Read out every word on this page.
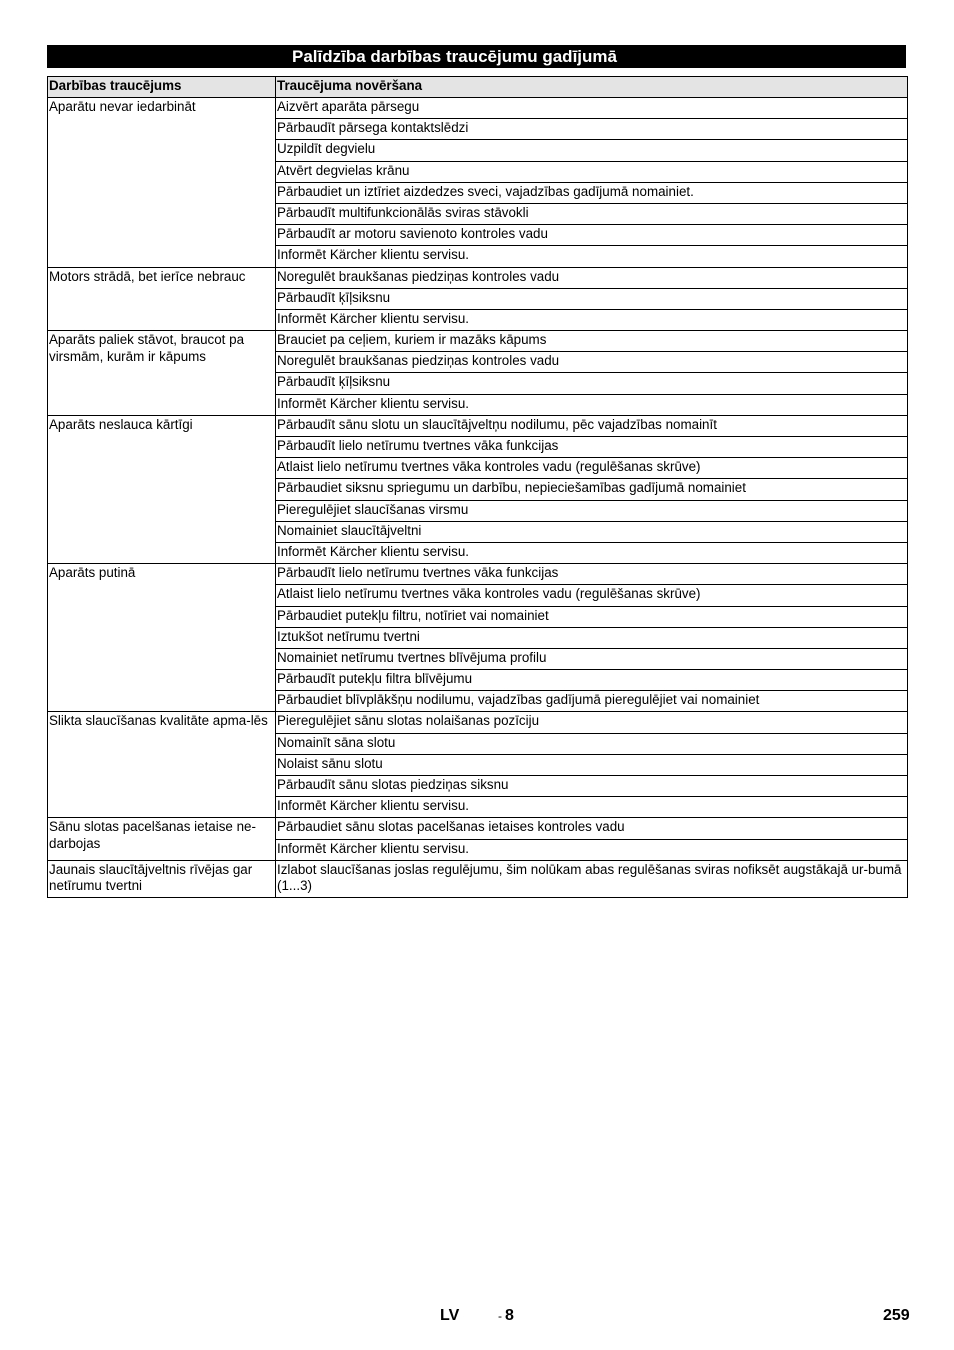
Palīdzība darbības traucējumu gadījumā
Darbības traucējums	Traucējuma novēršana
Aparātu nevar iedarbināt	Aizvērt aparāta pārsegu
	Pārbaudīt pārsega kontaktslēdzi
	Uzpildīt degvielu
	Atvērt degvielas krānu
	Pārbaudiet un iztīriet aizdedzes sveci, vajadzības gadījumā nomainiet.
	Pārbaudīt multifunkcionālās sviras stāvokli
	Pārbaudīt ar motoru savienoto kontroles vadu
	Informēt Kärcher klientu servisu.
Motors strādā, bet ierīce nebrauc	Noregulēt braukšanas piedziņas kontroles vadu
	Pārbaudīt ķīļsiksnu
	Informēt Kärcher klientu servisu.
Aparāts paliek stāvot, braucot pa virsmām, kurām ir kāpums	Brauciet pa ceļiem, kuriem ir mazāks kāpums
	Noregulēt braukšanas piedziņas kontroles vadu
	Pārbaudīt ķīļsiksnu
	Informēt Kärcher klientu servisu.
Aparāts neslauca kārtīgi	Pārbaudīt sānu slotu un slaucītājveltņu nodilumu, pēc vajadzības nomainīt
	Pārbaudīt lielo netīrumu tvertnes vāka funkcijas
	Atlaist lielo netīrumu tvertnes vāka kontroles vadu (regulēšanas skrūve)
	Pārbaudiet siksnu spriegumu un darbību, nepieciešamības gadījumā nomainiet
	Pieregulējiet slaucīšanas virsmu
	Nomainiet slaucītājveltni
	Informēt Kärcher klientu servisu.
Aparāts putinā	Pārbaudīt lielo netīrumu tvertnes vāka funkcijas
	Atlaist lielo netīrumu tvertnes vāka kontroles vadu (regulēšanas skrūve)
	Pārbaudiet putekļu filtru, notīriet vai nomainiet
	Iztukšot netīrumu tvertni
	Nomainiet netīrumu tvertnes blīvējuma profilu
	Pārbaudīt putekļu filtra blīvējumu
	Pārbaudiet blīvplākšņu nodilumu, vajadzības gadījumā pieregulējiet vai nomainiet
Slikta slaucīšanas kvalitāte apma-lēs	Pieregulējiet sānu slotas nolaišanas pozīciju
	Nomainīt sāna slotu
	Nolaist sānu slotu
	Pārbaudīt sānu slotas piedziņas siksnu
	Informēt Kärcher klientu servisu.
Sānu slotas pacelšanas ietaise ne-darbojas	Pārbaudiet sānu slotas pacelšanas ietaises kontroles vadu
	Informēt Kärcher klientu servisu.
Jaunais slaucītājveltnis rīvējas gar netīrumu tvertni	Izlabot slaucīšanas joslas regulējumu, šim nolūkam abas regulēšanas sviras nofiksēt augstākajā ur-bumā (1...3)
LV	- 8	259
